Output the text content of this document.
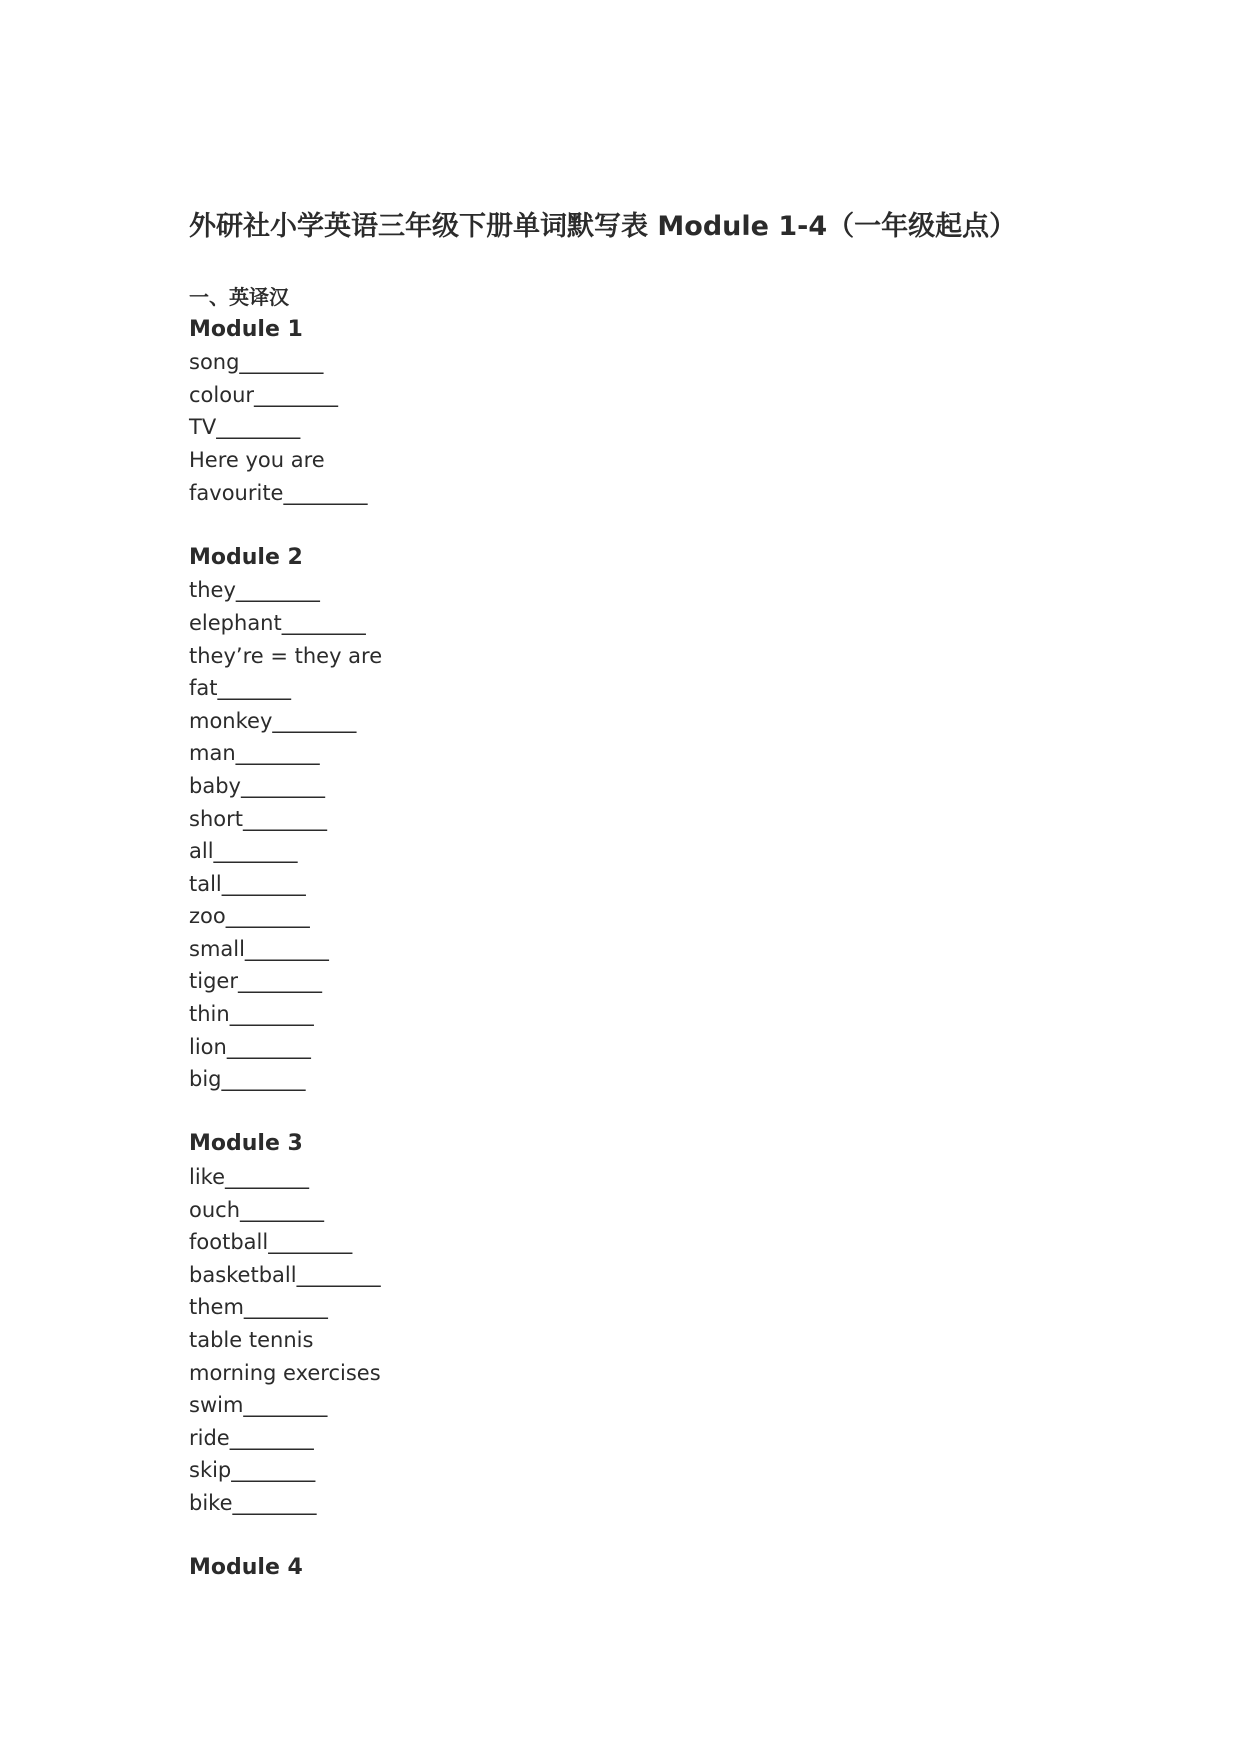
外研社小学英语三年级下册单词默写表 Module 1-4（一年级起点）
一、英译汉
Module 1
song________
colour________
TV________
Here you are
favourite________
Module 2
they________
elephant________
they’re = they are
fat_______
monkey________
man________
baby________
short________
all________
tall________
zoo________
small________
tiger________
thin________
lion________
big________
Module 3
like________
ouch________
football________
basketball________
them________
table tennis
morning exercises
swim________
ride________
skip________
bike________
Module 4
